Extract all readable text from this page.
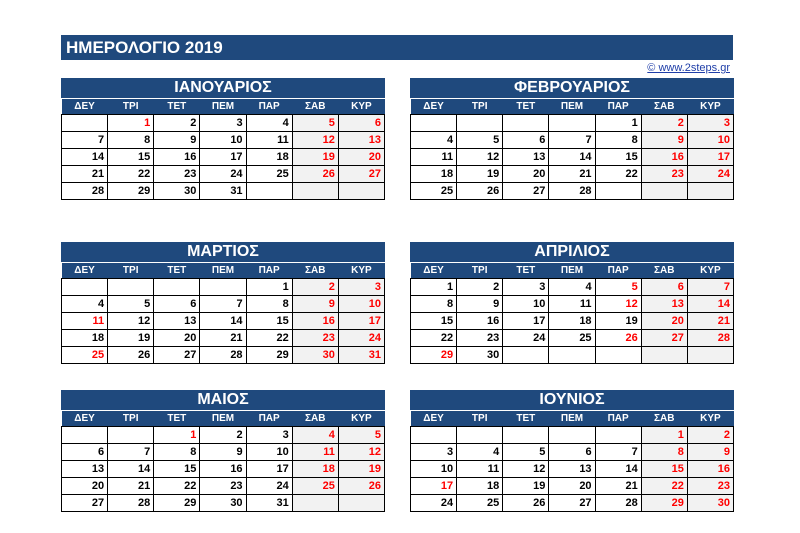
ΗΜΕΡΟΛΟΓΙΟ 2019
© www.2steps.gr
ΙΑΝΟΥΑΡΙΟΣ
ΔΕΥ	ΤΡΙ	ΤΕΤ	ΠΕΜ	ΠΑΡ	ΣΑΒ	ΚΥΡ
	1	2	3	4	5	6
7	8	9	10	11	12	13
14	15	16	17	18	19	20
21	22	23	24	25	26	27
28	29	30	31			
ΦΕΒΡΟΥΑΡΙΟΣ
ΔΕΥ	ΤΡΙ	ΤΕΤ	ΠΕΜ	ΠΑΡ	ΣΑΒ	ΚΥΡ
				1	2	3
4	5	6	7	8	9	10
11	12	13	14	15	16	17
18	19	20	21	22	23	24
25	26	27	28			
ΜΑΡΤΙΟΣ
ΔΕΥ	ΤΡΙ	ΤΕΤ	ΠΕΜ	ΠΑΡ	ΣΑΒ	ΚΥΡ
				1	2	3
4	5	6	7	8	9	10
11	12	13	14	15	16	17
18	19	20	21	22	23	24
25	26	27	28	29	30	31
ΑΠΡΙΛΙΟΣ
ΔΕΥ	ΤΡΙ	ΤΕΤ	ΠΕΜ	ΠΑΡ	ΣΑΒ	ΚΥΡ
1	2	3	4	5	6	7
8	9	10	11	12	13	14
15	16	17	18	19	20	21
22	23	24	25	26	27	28
29	30					
ΜΑΙΟΣ
ΔΕΥ	ΤΡΙ	ΤΕΤ	ΠΕΜ	ΠΑΡ	ΣΑΒ	ΚΥΡ
		1	2	3	4	5
6	7	8	9	10	11	12
13	14	15	16	17	18	19
20	21	22	23	24	25	26
27	28	29	30	31		
ΙΟΥΝΙΟΣ
ΔΕΥ	ΤΡΙ	ΤΕΤ	ΠΕΜ	ΠΑΡ	ΣΑΒ	ΚΥΡ
					1	2
3	4	5	6	7	8	9
10	11	12	13	14	15	16
17	18	19	20	21	22	23
24	25	26	27	28	29	30
